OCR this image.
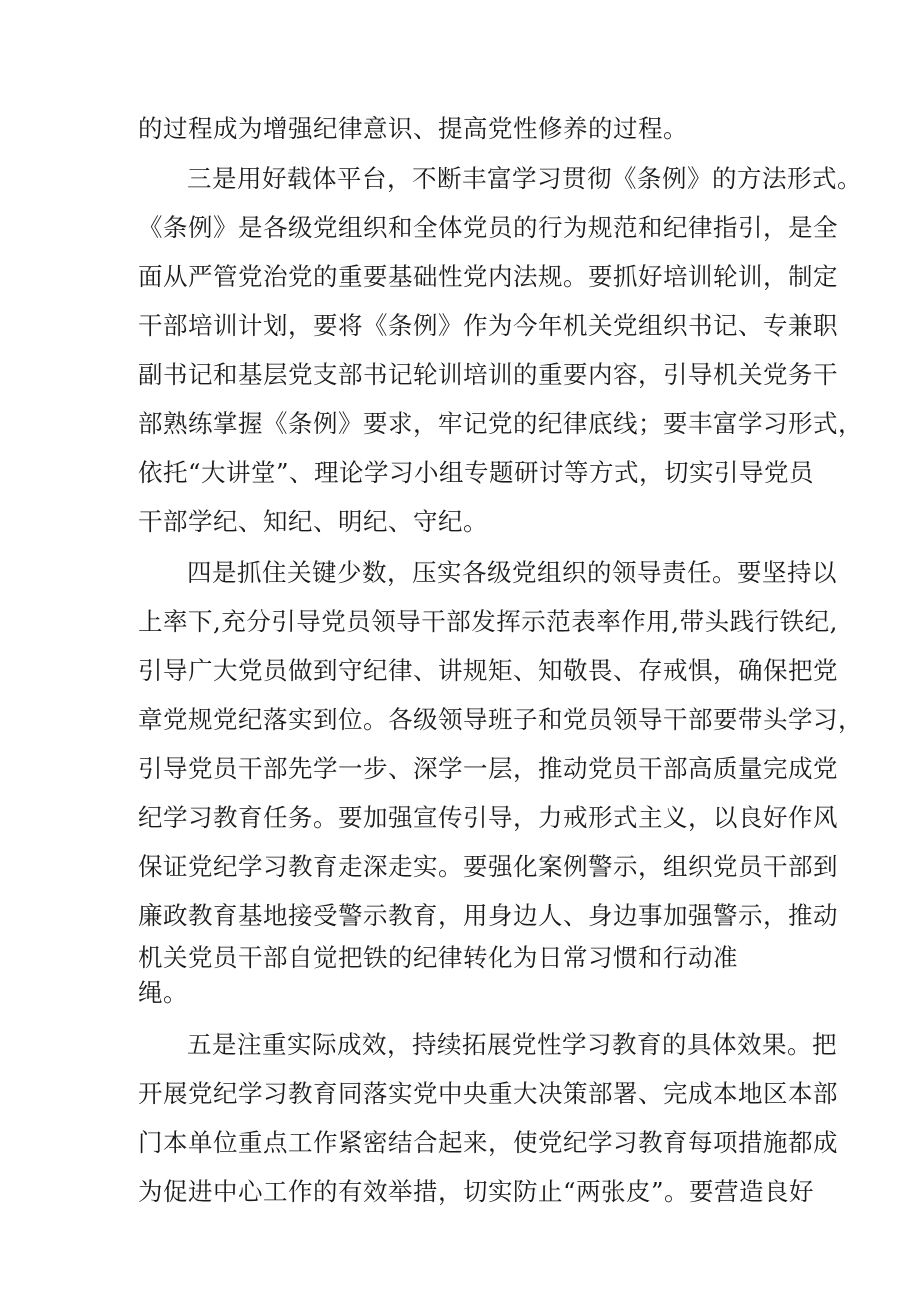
的过程成为增强纪律意识、提高党性修养的过程。
三是用好载体平台，不断丰富学习贯彻《条例》的方法形式。
《条例》是各级党组织和全体党员的行为规范和纪律指引，是全
面从严管党治党的重要基础性党内法规。要抓好培训轮训，制定
干部培训计划，要将《条例》作为今年机关党组织书记、专兼职
副书记和基层党支部书记轮训培训的重要内容，引导机关党务干
部熟练掌握《条例》要求，牢记党的纪律底线；要丰富学习形式，
依托“大讲堂”、理论学习小组专题研讨等方式，切实引导党员
干部学纪、知纪、明纪、守纪。
四是抓住关键少数，压实各级党组织的领导责任。要坚持以
上率下,充分引导党员领导干部发挥示范表率作用,带头践行铁纪,
引导广大党员做到守纪律、讲规矩、知敬畏、存戒惧，确保把党
章党规党纪落实到位。各级领导班子和党员领导干部要带头学习，
引导党员干部先学一步、深学一层，推动党员干部高质量完成党
纪学习教育任务。要加强宣传引导，力戒形式主义，以良好作风
保证党纪学习教育走深走实。要强化案例警示，组织党员干部到
廉政教育基地接受警示教育，用身边人、身边事加强警示，推动
机关党员干部自觉把铁的纪律转化为日常习惯和行动准
绳。
五是注重实际成效，持续拓展党性学习教育的具体效果。把
开展党纪学习教育同落实党中央重大决策部署、完成本地区本部
门本单位重点工作紧密结合起来，使党纪学习教育每项措施都成
为促进中心工作的有效举措，切实防止“两张皮”。要营造良好
